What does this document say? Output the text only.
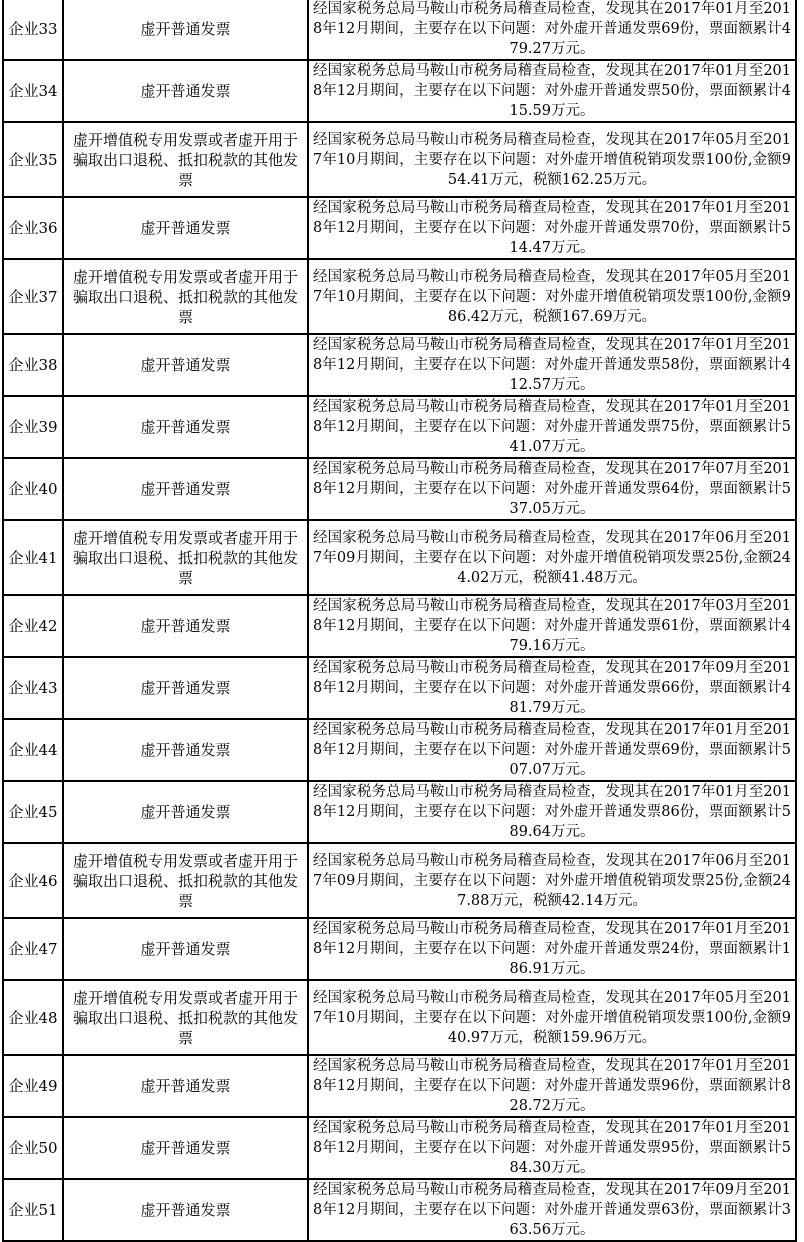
企业33	虚开普通发票	经国家税务总局马鞍山市税务局稽查局检查，发现其在2017年01月至2018年12月期间，主要存在以下问题：对外虚开普通发票69份，票面额累计479.27万元。
企业34	虚开普通发票	经国家税务总局马鞍山市税务局稽查局检查，发现其在2017年01月至2018年12月期间，主要存在以下问题：对外虚开普通发票50份，票面额累计415.59万元。
企业35	虚开增值税专用发票或者虚开用于骗取出口退税、抵扣税款的其他发票	经国家税务总局马鞍山市税务局稽查局检查，发现其在2017年05月至2017年10月期间，主要存在以下问题：对外虚开增值税销项发票100份,金额954.41万元，税额162.25万元。
企业36	虚开普通发票	经国家税务总局马鞍山市税务局稽查局检查，发现其在2017年01月至2018年12月期间，主要存在以下问题：对外虚开普通发票70份，票面额累计514.47万元。
企业37	虚开增值税专用发票或者虚开用于骗取出口退税、抵扣税款的其他发票	经国家税务总局马鞍山市税务局稽查局检查，发现其在2017年05月至2017年10月期间，主要存在以下问题：对外虚开增值税销项发票100份,金额986.42万元，税额167.69万元。
企业38	虚开普通发票	经国家税务总局马鞍山市税务局稽查局检查，发现其在2017年01月至2018年12月期间，主要存在以下问题：对外虚开普通发票58份，票面额累计412.57万元。
企业39	虚开普通发票	经国家税务总局马鞍山市税务局稽查局检查，发现其在2017年01月至2018年12月期间，主要存在以下问题：对外虚开普通发票75份，票面额累计541.07万元。
企业40	虚开普通发票	经国家税务总局马鞍山市税务局稽查局检查，发现其在2017年07月至2018年12月期间，主要存在以下问题：对外虚开普通发票64份，票面额累计537.05万元。
企业41	虚开增值税专用发票或者虚开用于骗取出口退税、抵扣税款的其他发票	经国家税务总局马鞍山市税务局稽查局检查，发现其在2017年06月至2017年09月期间，主要存在以下问题：对外虚开增值税销项发票25份,金额244.02万元，税额41.48万元。
企业42	虚开普通发票	经国家税务总局马鞍山市税务局稽查局检查，发现其在2017年03月至2018年12月期间，主要存在以下问题：对外虚开普通发票61份，票面额累计479.16万元。
企业43	虚开普通发票	经国家税务总局马鞍山市税务局稽查局检查，发现其在2017年09月至2018年12月期间，主要存在以下问题：对外虚开普通发票66份，票面额累计481.79万元。
企业44	虚开普通发票	经国家税务总局马鞍山市税务局稽查局检查，发现其在2017年01月至2018年12月期间，主要存在以下问题：对外虚开普通发票69份，票面额累计507.07万元。
企业45	虚开普通发票	经国家税务总局马鞍山市税务局稽查局检查，发现其在2017年01月至2018年12月期间，主要存在以下问题：对外虚开普通发票86份，票面额累计589.64万元。
企业46	虚开增值税专用发票或者虚开用于骗取出口退税、抵扣税款的其他发票	经国家税务总局马鞍山市税务局稽查局检查，发现其在2017年06月至2017年09月期间，主要存在以下问题：对外虚开增值税销项发票25份,金额247.88万元，税额42.14万元。
企业47	虚开普通发票	经国家税务总局马鞍山市税务局稽查局检查，发现其在2017年01月至2018年12月期间，主要存在以下问题：对外虚开普通发票24份，票面额累计186.91万元。
企业48	虚开增值税专用发票或者虚开用于骗取出口退税、抵扣税款的其他发票	经国家税务总局马鞍山市税务局稽查局检查，发现其在2017年05月至2017年10月期间，主要存在以下问题：对外虚开增值税销项发票100份,金额940.97万元，税额159.96万元。
企业49	虚开普通发票	经国家税务总局马鞍山市税务局稽查局检查，发现其在2017年01月至2018年12月期间，主要存在以下问题：对外虚开普通发票96份，票面额累计828.72万元。
企业50	虚开普通发票	经国家税务总局马鞍山市税务局稽查局检查，发现其在2017年01月至2018年12月期间，主要存在以下问题：对外虚开普通发票95份，票面额累计584.30万元。
企业51	虚开普通发票	经国家税务总局马鞍山市税务局稽查局检查，发现其在2017年09月至2018年12月期间，主要存在以下问题：对外虚开普通发票63份，票面额累计363.56万元。
